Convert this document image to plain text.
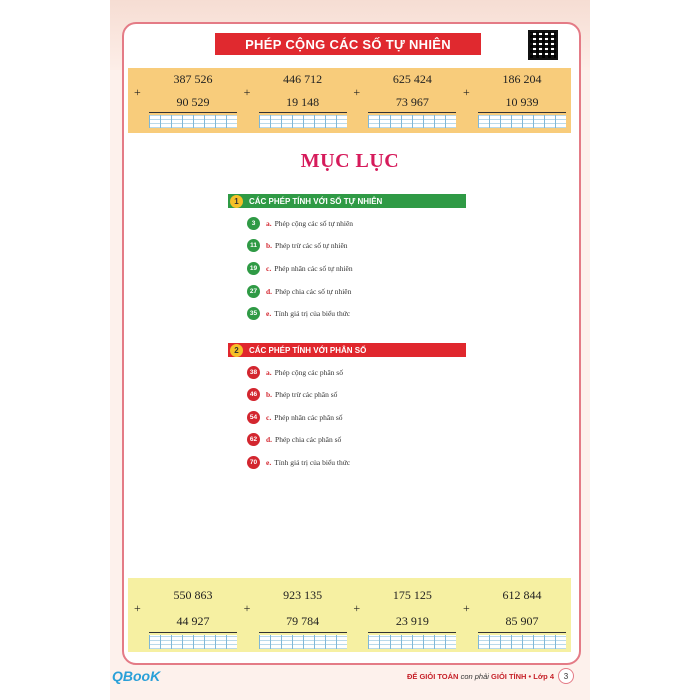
PHÉP CỘNG CÁC SỐ TỰ NHIÊN
+
387 526
90 529
+
446 712
19 148
+
625 424
73 967
+
186 204
10 939
MỤC LỤC
1	CÁC PHÉP TÍNH VỚI SỐ TỰ NHIÊN
3	a. Phép cộng các số tự nhiên
11	b. Phép trừ các số tự nhiên
19	c. Phép nhân các số tự nhiên
27	d. Phép chia các số tự nhiên
35	e. Tính giá trị của biểu thức
2	CÁC PHÉP TÍNH VỚI PHÂN SỐ
38	a. Phép cộng các phân số
46	b. Phép trừ các phân số
54	c. Phép nhân các phân số
62	d. Phép chia các phân số
70	e. Tính giá trị của biểu thức
+
550 863
44 927
+
923 135
79 784
+
175 125
23 919
+
612 844
85 907
QBooK	ĐỂ GIỎI TOÁN con phải GIỎI TÍNH • Lớp 4	3
